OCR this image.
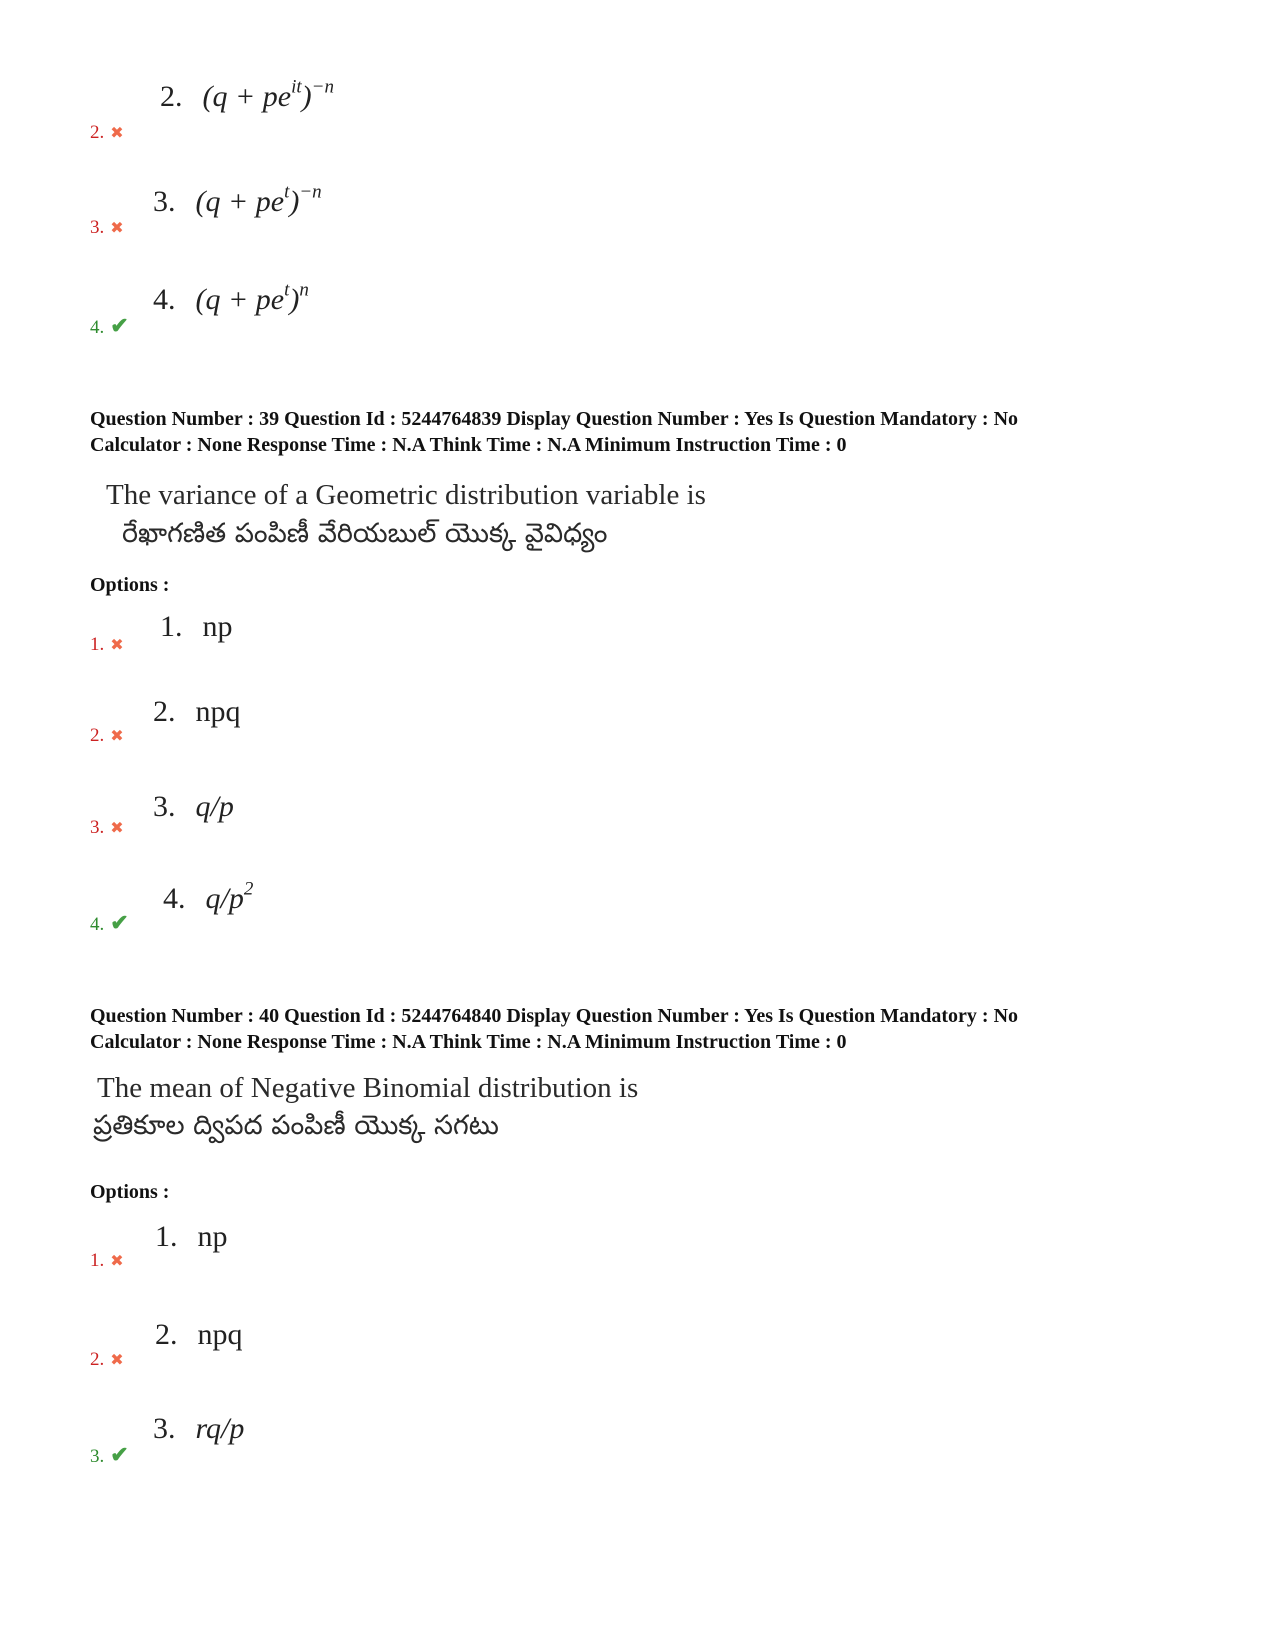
2. $(q + pe^{it})^{-n}$
2. ✖
3. $(q + pe^t)^{-n}$
3. ✖
4. $(q + pe^t)^n$
4. ✔
Question Number : 39 Question Id : 5244764839 Display Question Number : Yes Is Question Mandatory : No
Calculator : None Response Time : N.A Think Time : N.A Minimum Instruction Time : 0
The variance of a Geometric distribution variable is
రేఖాగణిత పంపిణీ వేరియబుల్ యొక్క వైవిధ్యం
Options :
1. np
1. ✖
2. npq
2. ✖
3. q/p
3. ✖
4. $q/p^2$
4. ✔
Question Number : 40 Question Id : 5244764840 Display Question Number : Yes Is Question Mandatory : No
Calculator : None Response Time : N.A Think Time : N.A Minimum Instruction Time : 0
The mean of Negative Binomial distribution is
ప్రతికూల ద్విపద పంపిణీ యొక్క సగటు
Options :
1. np
1. ✖
2. npq
2. ✖
3. rq/p
3. ✔
